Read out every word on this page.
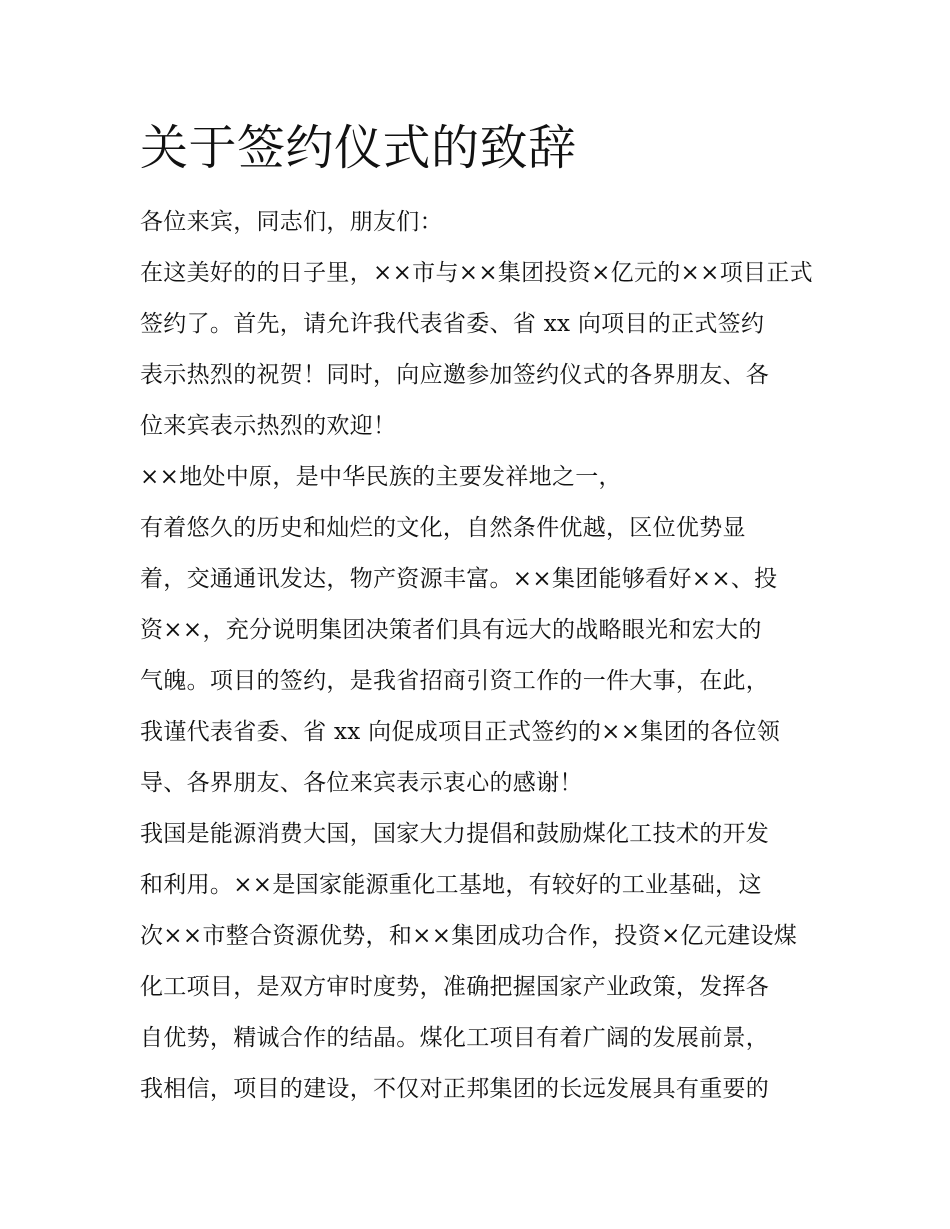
关于签约仪式的致辞
各位来宾，同志们，朋友们：
在这美好的的日子里，××市与××集团投资×亿元的××项目正式
签约了。首先，请允许我代表省委、省 xx 向项目的正式签约
表示热烈的祝贺！同时，向应邀参加签约仪式的各界朋友、各
位来宾表示热烈的欢迎！
××地处中原，是中华民族的主要发祥地之一，
有着悠久的历史和灿烂的文化，自然条件优越，区位优势显
着，交通通讯发达，物产资源丰富。××集团能够看好××、投
资××，充分说明集团决策者们具有远大的战略眼光和宏大的
气魄。项目的签约，是我省招商引资工作的一件大事，在此，
我谨代表省委、省 xx 向促成项目正式签约的××集团的各位领
导、各界朋友、各位来宾表示衷心的感谢！
我国是能源消费大国，国家大力提倡和鼓励煤化工技术的开发
和利用。××是国家能源重化工基地，有较好的工业基础，这
次××市整合资源优势，和××集团成功合作，投资×亿元建设煤
化工项目，是双方审时度势，准确把握国家产业政策，发挥各
自优势，精诚合作的结晶。煤化工项目有着广阔的发展前景，
我相信，项目的建设，不仅对正邦集团的长远发展具有重要的
